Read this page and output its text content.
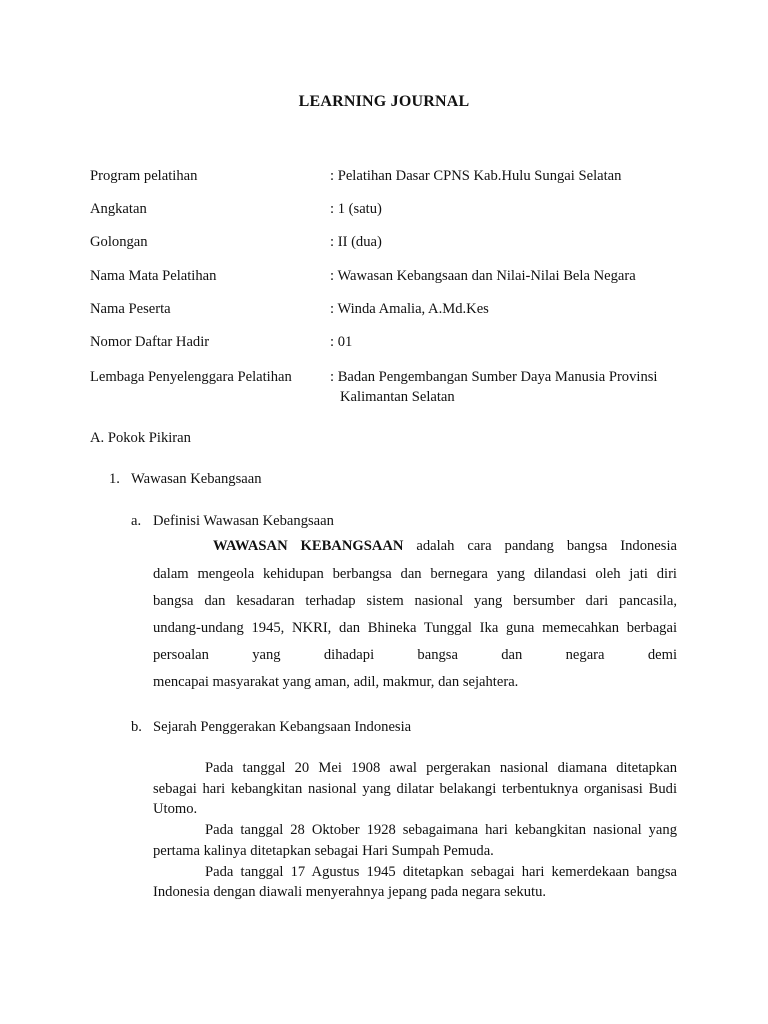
LEARNING JOURNAL
Program pelatihan	: Pelatihan Dasar CPNS Kab.Hulu Sungai Selatan
Angkatan	: 1 (satu)
Golongan	: II (dua)
Nama Mata Pelatihan	: Wawasan Kebangsaan dan Nilai-Nilai Bela Negara
Nama Peserta	: Winda Amalia, A.Md.Kes
Nomor Daftar Hadir	: 01
Lembaga Penyelenggara Pelatihan	: Badan Pengembangan Sumber Daya Manusia Provinsi
Kalimantan Selatan
A. Pokok Pikiran
1. Wawasan Kebangsaan
a. Definisi Wawasan Kebangsaan
WAWASAN KEBANGSAAN adalah cara pandang bangsa Indonesia
dalam mengeola kehidupan berbangsa dan bernegara yang dilandasi oleh jati diri
bangsa dan kesadaran terhadap sistem nasional yang bersumber dari pancasila,
undang-undang 1945, NKRI, dan Bhineka Tunggal Ika guna memecahkan berbagai
persoalan yang dihadapi bangsa dan negara demi
mencapai masyarakat yang aman, adil, makmur, dan sejahtera.
b. Sejarah Penggerakan Kebangsaan Indonesia
Pada tanggal 20 Mei 1908 awal pergerakan nasional diamana ditetapkan
sebagai hari kebangkitan nasional yang dilatar belakangi terbentuknya organisasi Budi
Utomo.
Pada tanggal 28 Oktober 1928 sebagaimana hari kebangkitan nasional yang
pertama kalinya ditetapkan sebagai Hari Sumpah Pemuda.
Pada tanggal 17 Agustus 1945 ditetapkan sebagai hari kemerdekaan bangsa
Indonesia dengan diawali menyerahnya jepang pada negara sekutu.
